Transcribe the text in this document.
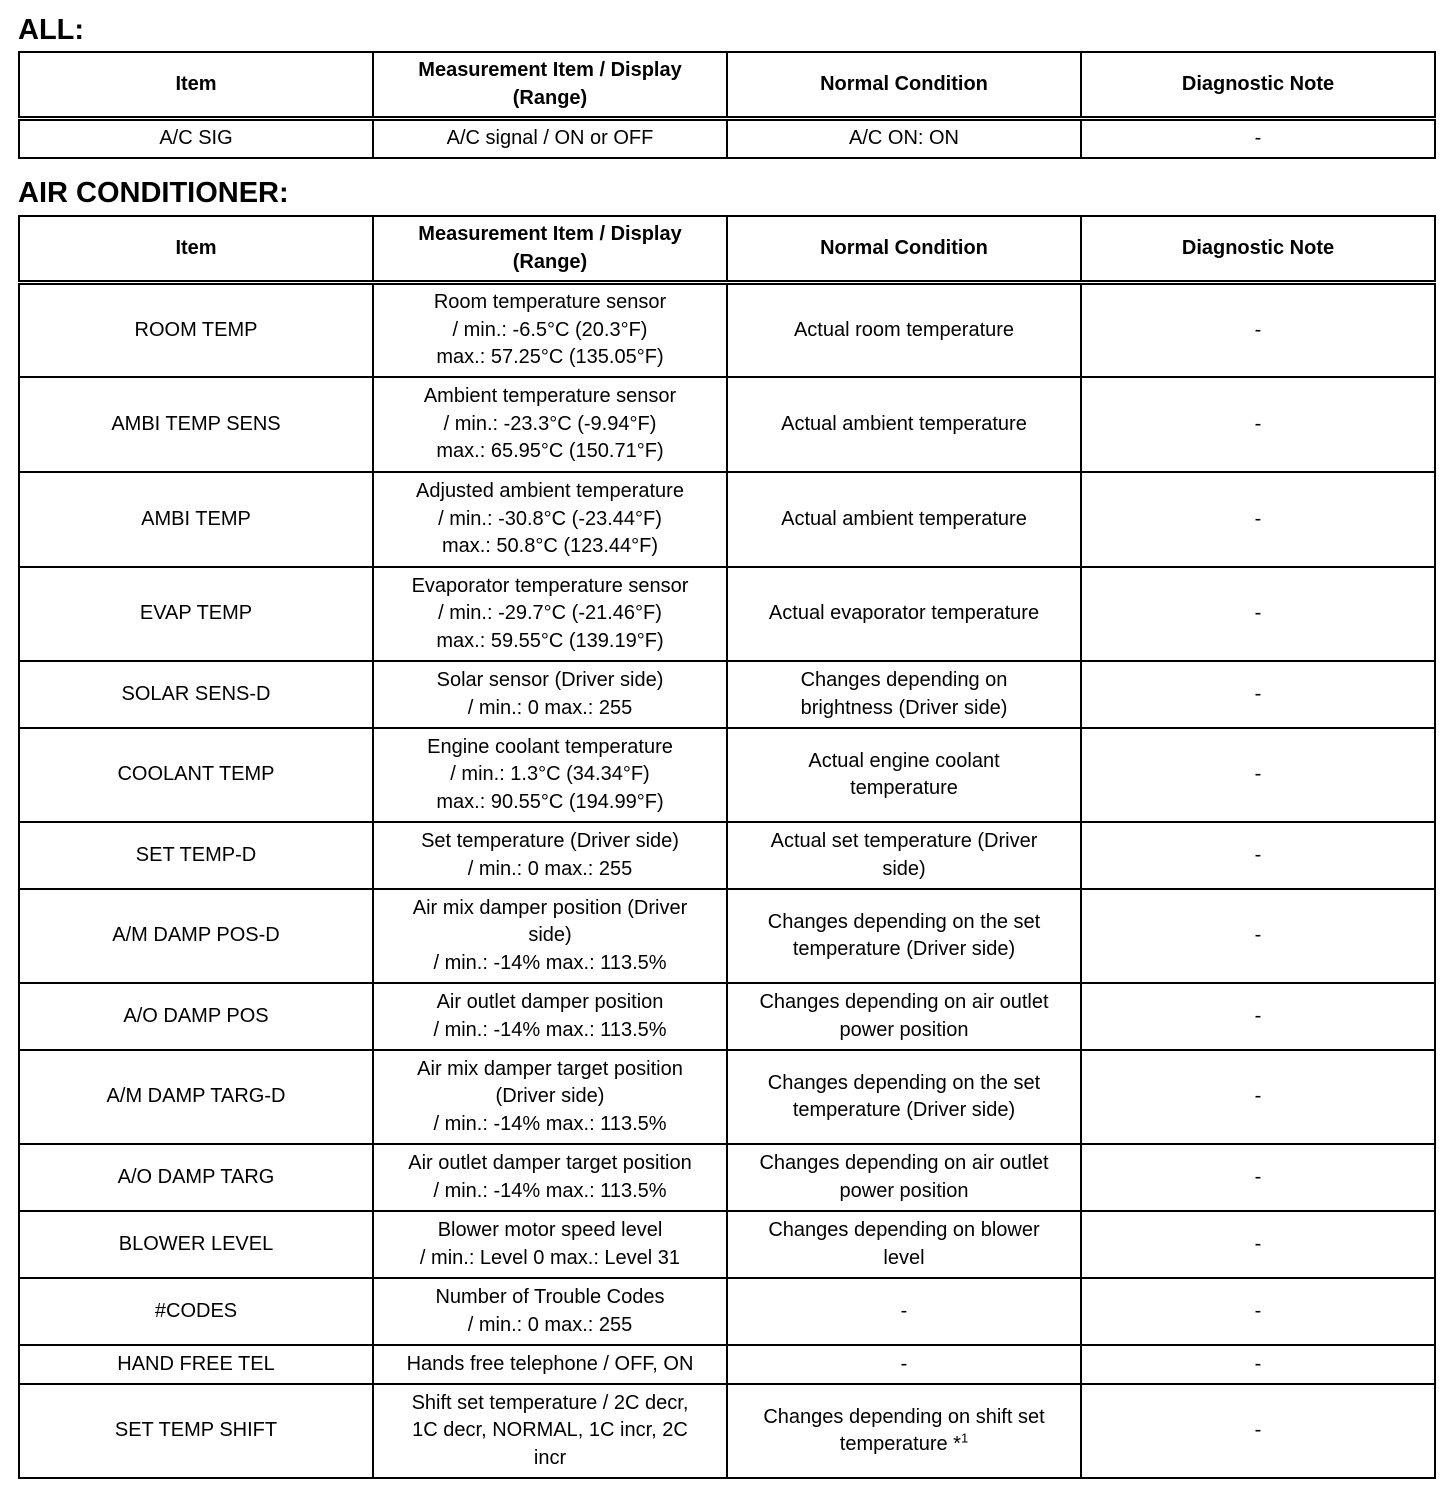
ALL:
Item	Measurement Item / Display (Range)	Normal Condition	Diagnostic Note
A/C SIG	A/C signal / ON or OFF	A/C ON: ON	-
AIR CONDITIONER:
Item	Measurement Item / Display (Range)	Normal Condition	Diagnostic Note
ROOM TEMP	Room temperature sensor
/ min.: -6.5°C (20.3°F)
max.: 57.25°C (135.05°F)	Actual room temperature	-
AMBI TEMP SENS	Ambient temperature sensor
/ min.: -23.3°C (-9.94°F)
max.: 65.95°C (150.71°F)	Actual ambient temperature	-
AMBI TEMP	Adjusted ambient temperature
/ min.: -30.8°C (-23.44°F)
max.: 50.8°C (123.44°F)	Actual ambient temperature	-
EVAP TEMP	Evaporator temperature sensor
/ min.: -29.7°C (-21.46°F)
max.: 59.55°C (139.19°F)	Actual evaporator temperature	-
SOLAR SENS-D	Solar sensor (Driver side)
/ min.: 0 max.: 255	Changes depending on
brightness (Driver side)	-
COOLANT TEMP	Engine coolant temperature
/ min.: 1.3°C (34.34°F)
max.: 90.55°C (194.99°F)	Actual engine coolant
temperature	-
SET TEMP-D	Set temperature (Driver side)
/ min.: 0 max.: 255	Actual set temperature (Driver
side)	-
A/M DAMP POS-D	Air mix damper position (Driver
side)
/ min.: -14% max.: 113.5%	Changes depending on the set
temperature (Driver side)	-
A/O DAMP POS	Air outlet damper position
/ min.: -14% max.: 113.5%	Changes depending on air outlet
power position	-
A/M DAMP TARG-D	Air mix damper target position
(Driver side)
/ min.: -14% max.: 113.5%	Changes depending on the set
temperature (Driver side)	-
A/O DAMP TARG	Air outlet damper target position
/ min.: -14% max.: 113.5%	Changes depending on air outlet
power position	-
BLOWER LEVEL	Blower motor speed level
/ min.: Level 0 max.: Level 31	Changes depending on blower
level	-
#CODES	Number of Trouble Codes
/ min.: 0 max.: 255	-	-
HAND FREE TEL	Hands free telephone / OFF, ON	-	-
SET TEMP SHIFT	Shift set temperature / 2C decr,
1C decr, NORMAL, 1C incr, 2C
incr	Changes depending on shift set
temperature *$^1$	-
